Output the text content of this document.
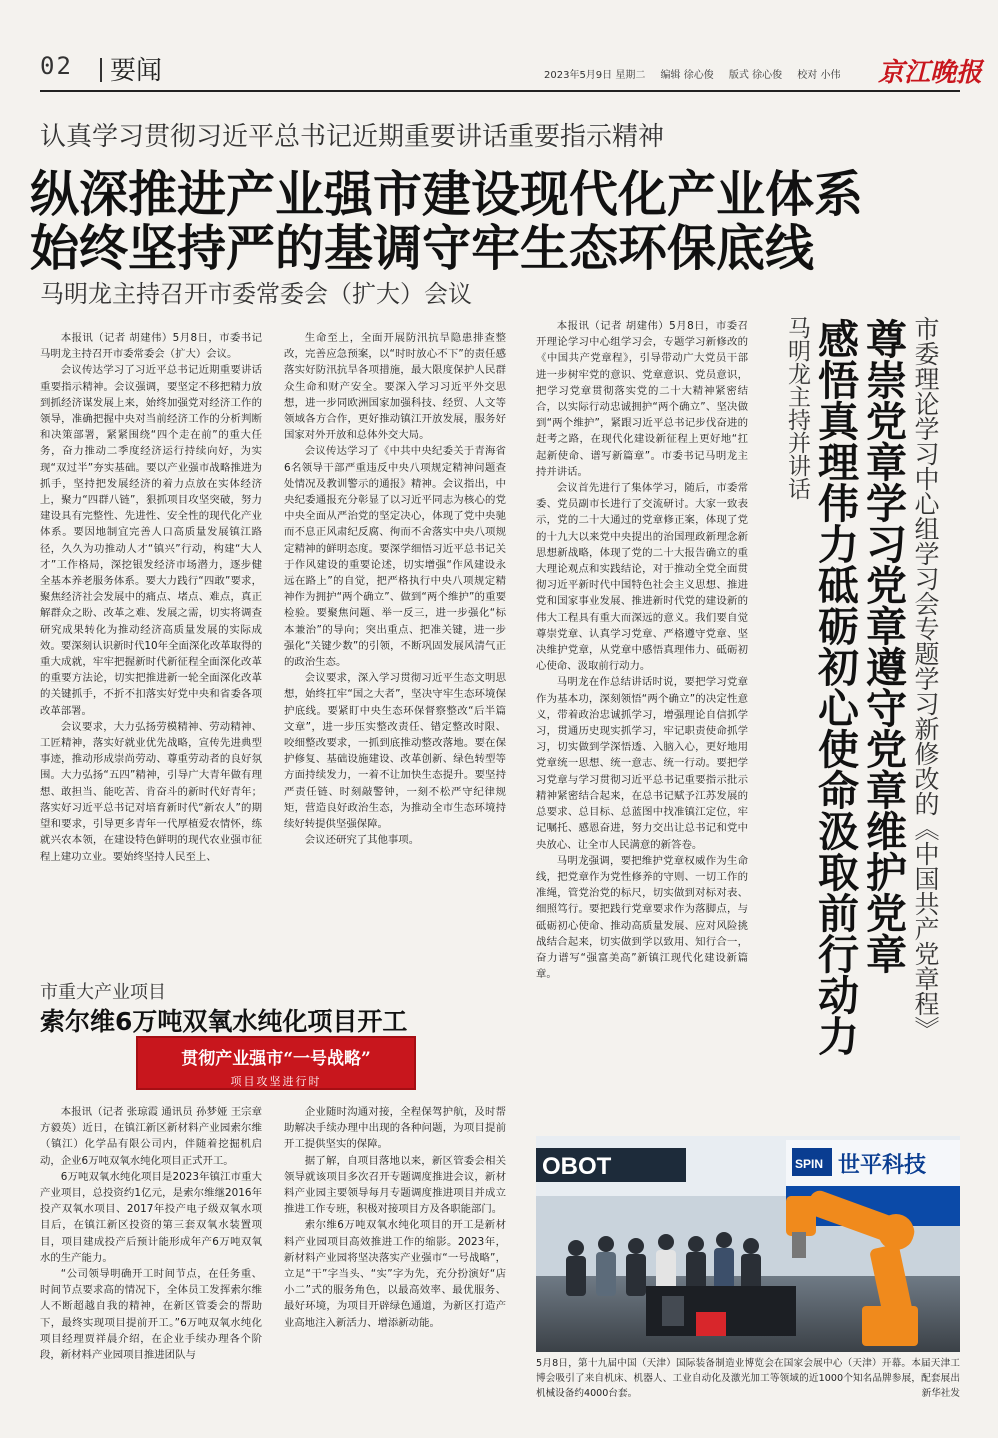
02 要闻	2023年5月9日 星期二 编辑 徐心俊 版式 徐心俊 校对 小伟	京江晚报
认真学习贯彻习近平总书记近期重要讲话重要指示精神
纵深推进产业强市建设现代化产业体系
始终坚持严的基调守牢生态环保底线
马明龙主持召开市委常委会（扩大）会议

本报讯（记者 胡建伟）5月8日，市委书记马明龙主持召开市委常委会（扩大）会议。

会议传达学习了习近平总书记近期重要讲话重要指示精神。会议强调，要坚定不移把精力放到抓经济谋发展上来，始终加强党对经济工作的领导，准确把握中央对当前经济工作的分析判断和决策部署，紧紧围绕“四个走在前”的重大任务，奋力推动二季度经济运行持续向好，为实现“双过半”夯实基础。要以产业强市战略推进为抓手，坚持把发展经济的着力点放在实体经济上，聚力“四群八链”，狠抓项目攻坚突破，努力建设具有完整性、先进性、安全性的现代化产业体系。要因地制宜完善人口高质量发展镇江路径，久久为功推动人才“镇兴”行动，构建“大人才”工作格局，深挖银发经济市场潜力，逐步健全基本养老服务体系。要大力践行“四敢”要求，聚焦经济社会发展中的痛点、堵点、难点，真正解群众之盼、改革之难、发展之需，切实将调查研究成果转化为推动经济高质量发展的实际成效。要深刻认识新时代10年全面深化改革取得的重大成就，牢牢把握新时代新征程全面深化改革的重要方法论，切实把推进新一轮全面深化改革的关键抓手，不折不扣落实好党中央和省委各项改革部署。

会议要求，大力弘扬劳模精神、劳动精神、工匠精神，落实好就业优先战略，宣传先进典型事迹，推动形成崇尚劳动、尊重劳动者的良好氛围。大力弘扬“五四”精神，引导广大青年做有理想、敢担当、能吃苦、肯奋斗的新时代好青年；落实好习近平总书记对培育新时代“新农人”的期望和要求，引导更多青年一代厚植爱农情怀，练就兴农本领，在建设特色鲜明的现代农业强市征程上建功立业。要始终坚持人民至上、

生命至上，全面开展防汛抗旱隐患排查整改，完善应急预案，以“时时放心不下”的责任感落实好防汛抗旱各项措施，最大限度保护人民群众生命和财产安全。要深入学习习近平外交思想，进一步同欧洲国家加强科技、经贸、人文等领域各方合作，更好推动镇江开放发展，服务好国家对外开放和总体外交大局。

会议传达学习了《中共中央纪委关于青海省6名领导干部严重违反中央八项规定精神问题查处情况及教训警示的通报》精神。会议指出，中央纪委通报充分彰显了以习近平同志为核心的党中央全面从严治党的坚定决心，体现了党中央驰而不息正风肃纪反腐、徇而不舍落实中央八项规定精神的鲜明态度。要深学细悟习近平总书记关于作风建设的重要论述，切实增强“作风建设永远在路上”的自觉，把严格执行中央八项规定精神作为拥护“两个确立”、做到“两个维护”的重要检验。要聚焦问题、举一反三，进一步强化“标本兼治”的导向；突出重点、把准关键，进一步强化“关键少数”的引领，不断巩固发展风清气正的政治生态。

会议要求，深入学习贯彻习近平生态文明思想，始终扛牢“国之大者”，坚决守牢生态环境保护底线。要紧盯中央生态环保督察整改“后半篇文章”，进一步压实整改责任、错定整改时限、咬细整改要求，一抓到底推动整改落地。要在保护修复、基础设施建设、改革创新、绿色转型等方面持续发力，一着不让加快生态提升。要坚持严责任链、时刻敲警钟，一刻不松严守纪律规矩，营造良好政治生态，为推动全市生态环境持续好转提供坚强保障。

会议还研究了其他事项。

本报讯（记者 胡建伟）5月8日，市委召开理论学习中心组学习会，专题学习新修改的《中国共产党章程》，引导带动广大党员干部进一步树牢党的意识、党章意识、党员意识，把学习党章贯彻落实党的二十大精神紧密结合，以实际行动忠诚拥护“两个确立”、坚决做到“两个维护”，紧跟习近平总书记步伐奋进的赶考之路，在现代化建设新征程上更好地“扛起新使命、谱写新篇章”。市委书记马明龙主持并讲话。

会议首先进行了集体学习，随后，市委常委、党员副市长进行了交流研讨。大家一致表示，党的二十大通过的党章修正案，体现了党的十九大以来党中央提出的治国理政新理念新思想新战略，体现了党的二十大报告确立的重大理论观点和实践结论，对于推动全党全面贯彻习近平新时代中国特色社会主义思想、推进党和国家事业发展、推进新时代党的建设新的伟大工程具有重大而深远的意义。我们要自觉尊崇党章、认真学习党章、严格遵守党章、坚决维护党章，从党章中感悟真理伟力、砥砺初心使命、汲取前行动力。

马明龙在作总结讲话时说，要把学习党章作为基本功，深刻领悟“两个确立”的决定性意义，带着政治忠诚抓学习，增强理论自信抓学习，贯通历史现实抓学习，牢记职责使命抓学习，切实做到学深悟透、入脑入心，更好地用党章统一思想、统一意志、统一行动。要把学习党章与学习贯彻习近平总书记重要指示批示精神紧密结合起来，在总书记赋予江苏发展的总要求、总目标、总蓝图中找准镇江定位，牢记嘱托、感恩奋进，努力交出让总书记和党中央放心、让全市人民满意的新答卷。

马明龙强调，要把维护党章权威作为生命线，把党章作为党性修养的守则、一切工作的准绳，管党治党的标尺，切实做到对标对表、细照笃行。要把践行党章要求作为落脚点，与砥砺初心使命、推动高质量发展、应对风险挑战结合起来，切实做到学以致用、知行合一，奋力谱写“强富美高”新镇江现代化建设新篇章。	市委理论学习中心组学习会专题学习新修改的《中国共产党章程》
尊崇党章学习党章遵守党章维护党章
感悟真理伟力砥砺初心使命汲取前行动力
马明龙主持并讲话
市重大产业项目
索尔维6万吨双氧水纯化项目开工
贯彻产业强市“一号战略”
项目攻坚进行时

本报讯（记者 张琼霞 通讯员 孙梦娅 王宗章 方毅英）近日，在镇江新区新材料产业园索尔维（镇江）化学品有限公司内，伴随着挖掘机启动，企业6万吨双氧水纯化项目正式开工。

6万吨双氧水纯化项目是2023年镇江市重大产业项目，总投资约1亿元，是索尔维继2016年投产双氧水项目、2017年投产电子级双氧水项目后，在镇江新区投资的第三套双氧水装置项目，项目建成投产后预计能形成年产6万吨双氧水的生产能力。

“公司领导明确开工时间节点，在任务重、时间节点要求高的情况下，全体员工发挥索尔维人不断超越自我的精神，在新区管委会的帮助下，最终实现项目提前开工。”6万吨双氧水纯化项目经理贾祥晨介绍，在企业手续办理各个阶段，新材料产业园项目推进团队与

企业随时沟通对接，全程保驾护航，及时帮助解决手续办理中出现的各种问题，为项目提前开工提供坚实的保障。

据了解，自项目落地以来，新区管委会相关领导就该项目多次召开专题调度推进会议，新材料产业园主要领导每月专题调度推进项目并成立推进工作专班，积极对接项目方及各职能部门。

索尔维6万吨双氧水纯化项目的开工是新材料产业园项目高效推进工作的缩影。2023年，新材料产业园将坚决落实产业强市“一号战略”，立足“干”字当头、“实”字为先，充分扮演好“店小二”式的服务角色，以最高效率、最优服务、最好环境，为项目开辟绿色通道，为新区打造产业高地注入新活力、增添新动能。

OBOT	SPIN 世平科技
5月8日，第十九届中国（天津）国际装备制造业博览会在国家会展中心（天津）开幕。本届天津工博会吸引了来自机床、机器人、工业自动化及激光加工等领域的近1000个知名品牌参展，配套展出机械设备约4000台套。	新华社发
